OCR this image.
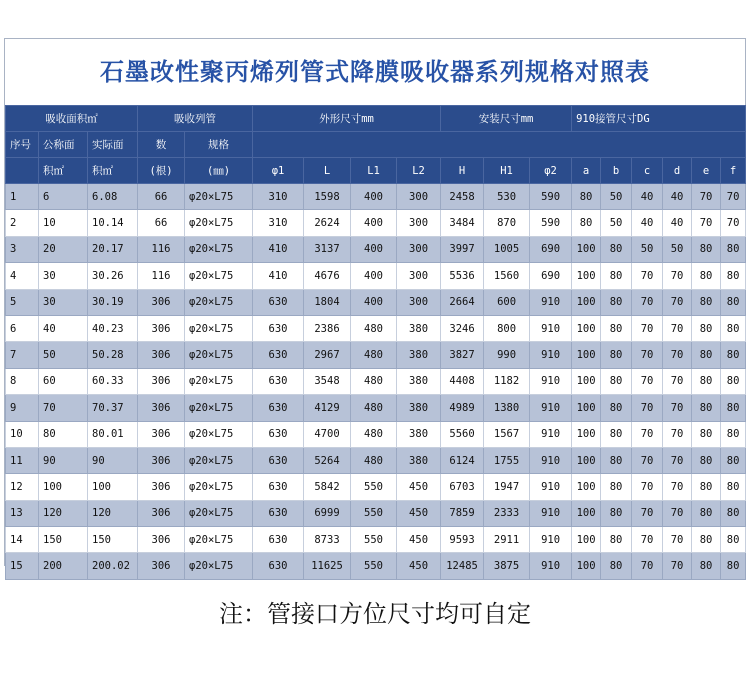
石墨改性聚丙烯列管式降膜吸收器系列规格对照表
吸收面积㎡			吸收列管		外形尺寸mm				安装尺寸mm			910接管尺寸DG					
序号	公称面	实际面	数	规格													
	积㎡	积㎡	(根)	(㎜)	φ1	L	L1	L2	H	H1	φ2	a	b	c	d	e	f
1	6	6.08	66	φ20×L75	310	1598	400	300	2458	530	590	80	50	40	40	70	70
2	10	10.14	66	φ20×L75	310	2624	400	300	3484	870	590	80	50	40	40	70	70
3	20	20.17	116	φ20×L75	410	3137	400	300	3997	1005	690	100	80	50	50	80	80
4	30	30.26	116	φ20×L75	410	4676	400	300	5536	1560	690	100	80	70	70	80	80
5	30	30.19	306	φ20×L75	630	1804	400	300	2664	600	910	100	80	70	70	80	80
6	40	40.23	306	φ20×L75	630	2386	480	380	3246	800	910	100	80	70	70	80	80
7	50	50.28	306	φ20×L75	630	2967	480	380	3827	990	910	100	80	70	70	80	80
8	60	60.33	306	φ20×L75	630	3548	480	380	4408	1182	910	100	80	70	70	80	80
9	70	70.37	306	φ20×L75	630	4129	480	380	4989	1380	910	100	80	70	70	80	80
10	80	80.01	306	φ20×L75	630	4700	480	380	5560	1567	910	100	80	70	70	80	80
11	90	90	306	φ20×L75	630	5264	480	380	6124	1755	910	100	80	70	70	80	80
12	100	100	306	φ20×L75	630	5842	550	450	6703	1947	910	100	80	70	70	80	80
13	120	120	306	φ20×L75	630	6999	550	450	7859	2333	910	100	80	70	70	80	80
14	150	150	306	φ20×L75	630	8733	550	450	9593	2911	910	100	80	70	70	80	80
15	200	200.02	306	φ20×L75	630	11625	550	450	12485	3875	910	100	80	70	70	80	80
注：管接口方位尺寸均可自定
